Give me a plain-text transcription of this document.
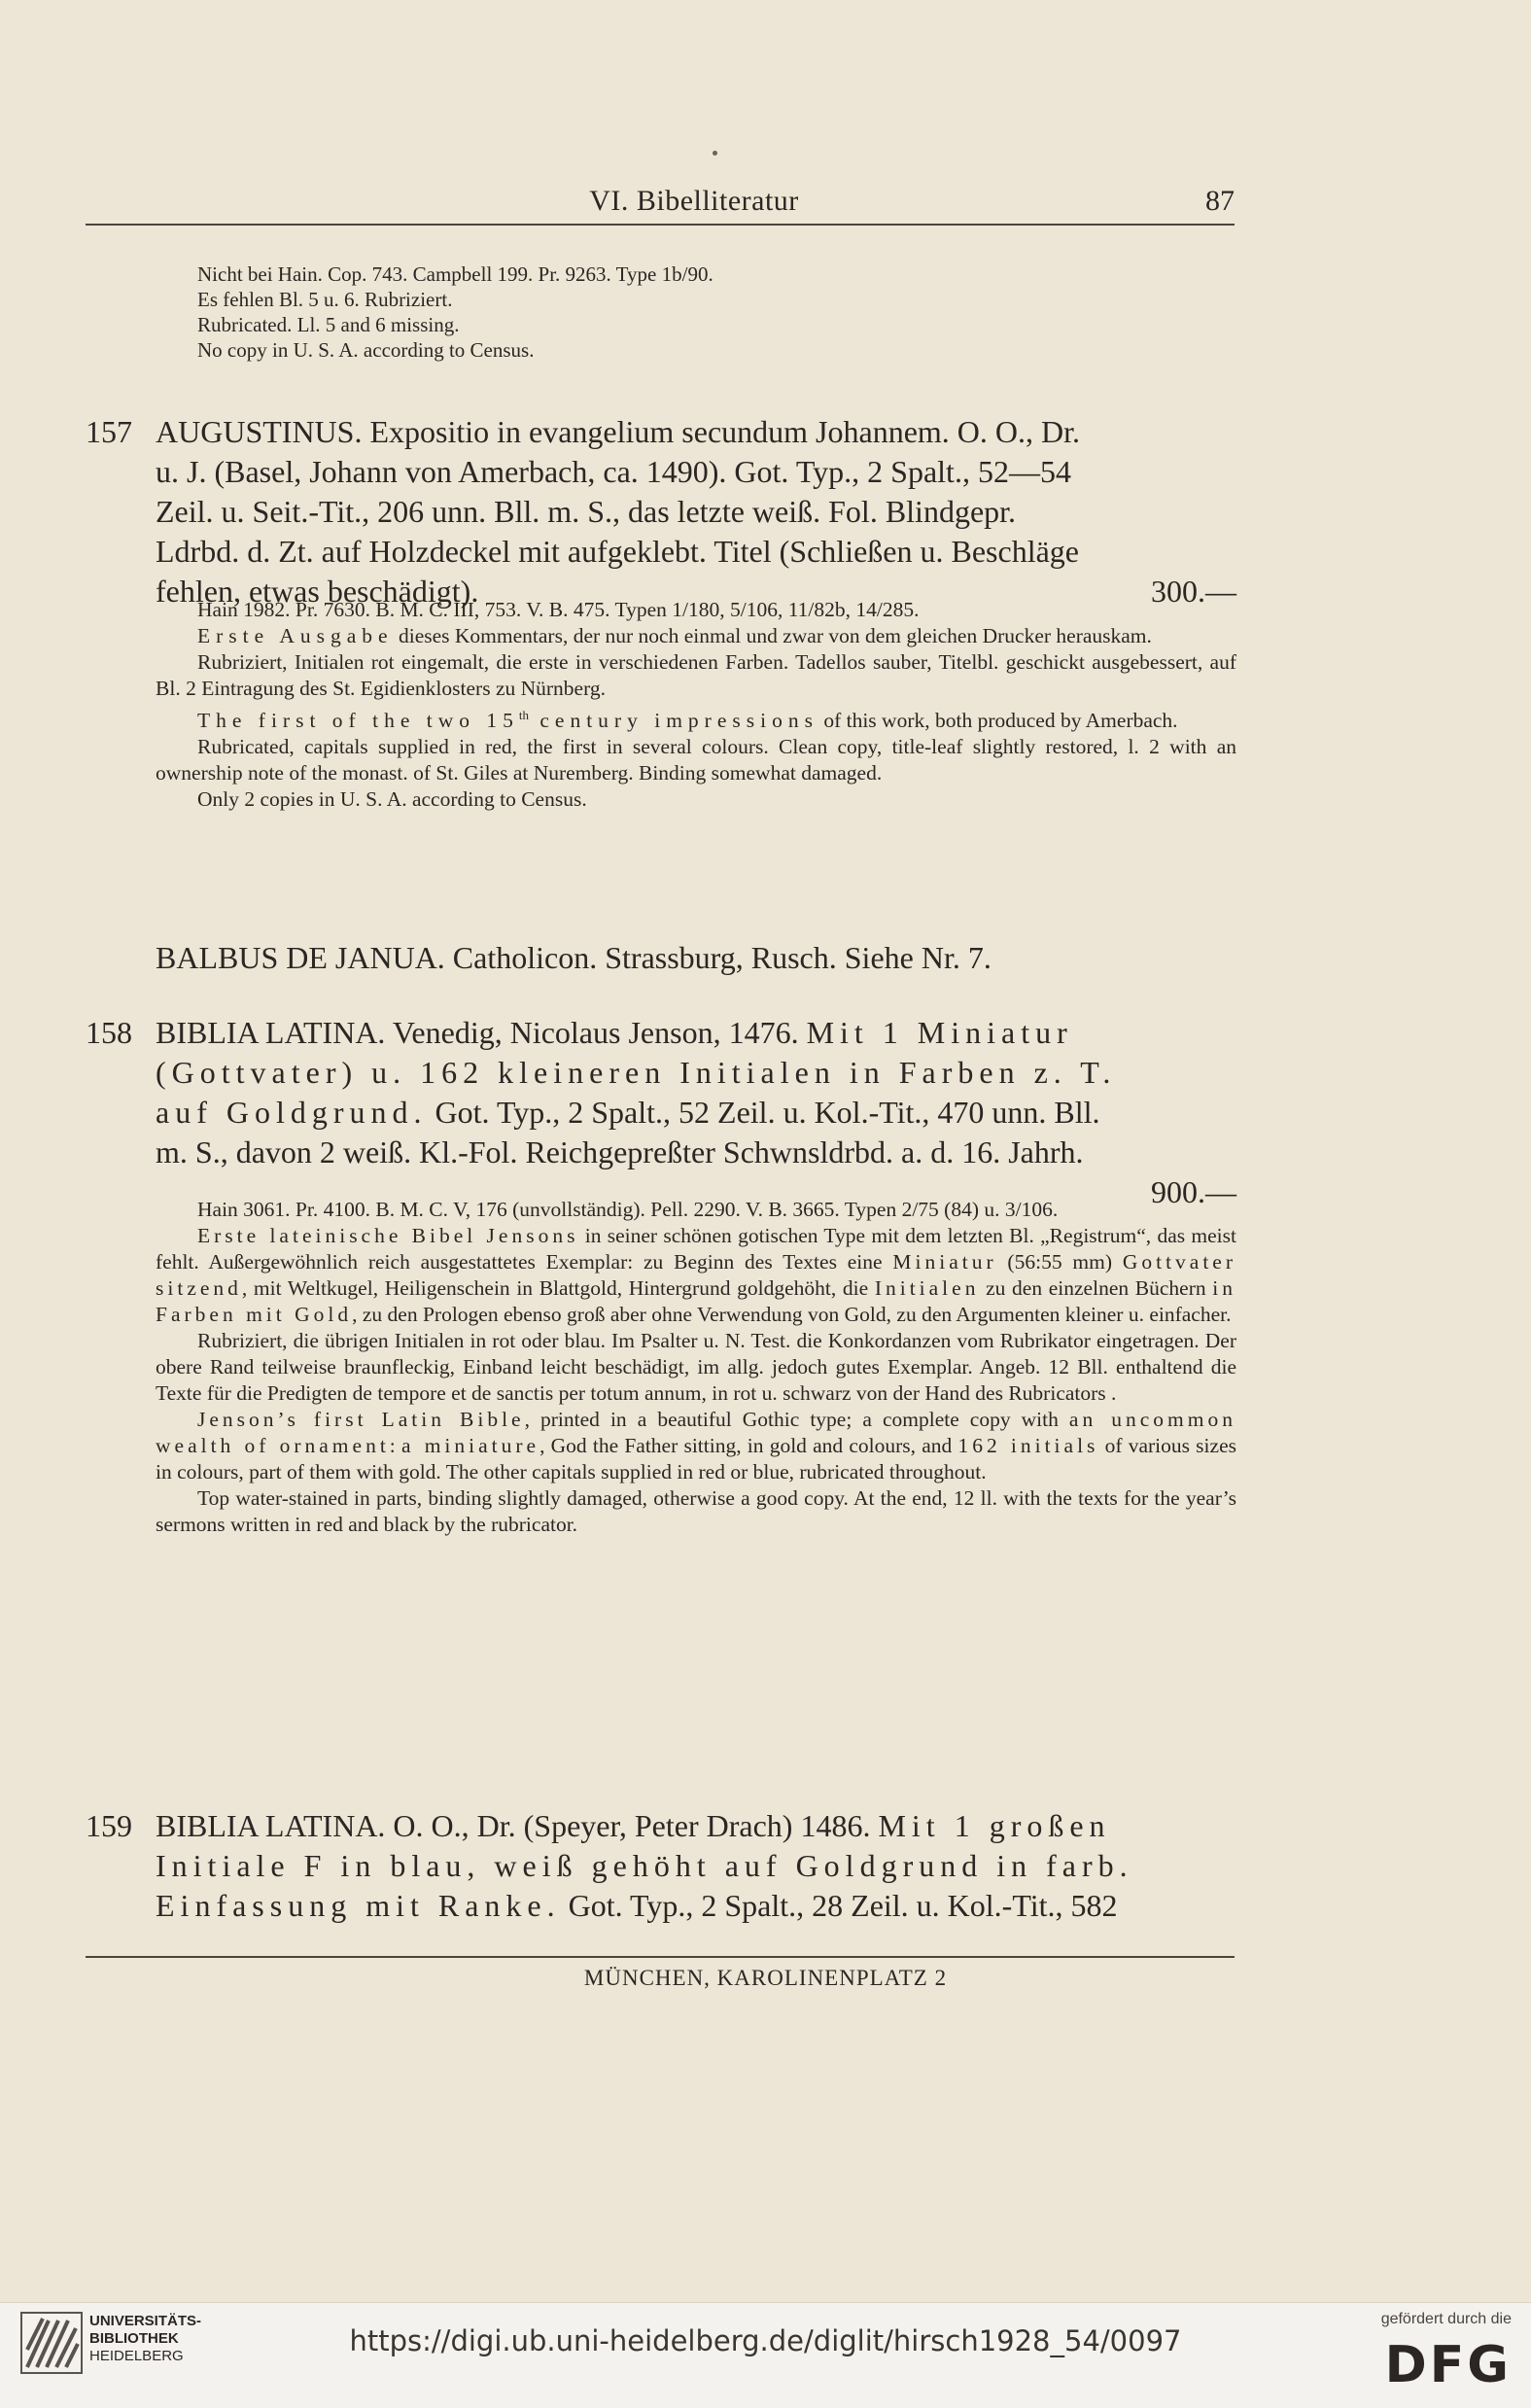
VI. Bibelliteratur	87
Nicht bei Hain. Cop. 743. Campbell 199. Pr. 9263. Type 1b/90.
Es fehlen Bl. 5 u. 6. Rubriziert.
Rubricated. Ll. 5 and 6 missing.
No copy in U. S. A. according to Census.
157 AUGUSTINUS. Expositio in evangelium secundum Johannem. O. O., Dr.
u. J. (Basel, Johann von Amerbach, ca. 1490). Got. Typ., 2 Spalt., 52—54
Zeil. u. Seit.-Tit., 206 unn. Bll. m. S., das letzte weiß. Fol. Blindgepr.
Ldrbd. d. Zt. auf Holzdeckel mit aufgeklebt. Titel (Schließen u. Beschläge
fehlen, etwas beschädigt).	300.—

Hain 1982. Pr. 7630. B. M. C. III, 753. V. B. 475. Typen 1/180, 5/106, 11/82b, 14/285.

Erste Ausgabe dieses Kommentars, der nur noch einmal und zwar von dem gleichen Drucker herauskam.

Rubriziert, Initialen rot eingemalt, die erste in verschiedenen Farben. Tadellos sauber, Titelbl. geschickt ausgebessert, auf Bl. 2 Eintragung des St. Egidienklosters zu Nürnberg.

The first of the two 15th century impressions of this work, both produced by Amerbach.

Rubricated, capitals supplied in red, the first in several colours. Clean copy, title-leaf slightly restored, l. 2 with an ownership note of the monast. of St. Giles at Nuremberg. Binding somewhat damaged.

Only 2 copies in U. S. A. according to Census.

BALBUS DE JANUA. Catholicon. Strassburg, Rusch. Siehe Nr. 7.
158 BIBLIA LATINA. Venedig, Nicolaus Jenson, 1476. Mit 1 Miniatur
(Gottvater) u. 162 kleineren Initialen in Farben z. T.
auf Goldgrund. Got. Typ., 2 Spalt., 52 Zeil. u. Kol.-Tit., 470 unn. Bll.
m. S., davon 2 weiß. Kl.-Fol. Reichgepreßter Schwnsldrbd. a. d. 16. Jahrh.
900.—

Hain 3061. Pr. 4100. B. M. C. V, 176 (unvollständig). Pell. 2290. V. B. 3665. Typen 2/75 (84) u. 3/106.

Erste lateinische Bibel Jensons in seiner schönen gotischen Type mit dem letzten Bl. „Registrum“, das meist fehlt. Außergewöhnlich reich ausgestattetes Exemplar: zu Beginn des Textes eine Miniatur (56:55 mm) Gottvater sitzend, mit Weltkugel, Heiligenschein in Blattgold, Hintergrund goldgehöht, die Initialen zu den einzelnen Büchern in Farben mit Gold, zu den Prologen ebenso groß aber ohne Verwendung von Gold, zu den Argumenten kleiner u. einfacher.

Rubriziert, die übrigen Initialen in rot oder blau. Im Psalter u. N. Test. die Konkordanzen vom Rubrikator eingetragen. Der obere Rand teilweise braunfleckig, Einband leicht beschädigt, im allg. jedoch gutes Exemplar. Angeb. 12 Bll. enthaltend die Texte für die Predigten de tempore et de sanctis per totum annum, in rot u. schwarz von der Hand des Rubricators .

Jenson’s first Latin Bible, printed in a beautiful Gothic type; a complete copy with an uncommon wealth of ornament: a miniature, God the Father sitting, in gold and colours, and 162 initials of various sizes in colours, part of them with gold. The other capitals supplied in red or blue, rubricated throughout.

Top water-stained in parts, binding slightly damaged, otherwise a good copy. At the end, 12 ll. with the texts for the year’s sermons written in red and black by the rubricator.

159 BIBLIA LATINA. O. O., Dr. (Speyer, Peter Drach) 1486. Mit 1 großen
Initiale F in blau, weiß gehöht auf Goldgrund in farb.
Einfassung mit Ranke. Got. Typ., 2 Spalt., 28 Zeil. u. Kol.-Tit., 582
MÜNCHEN, KAROLINENPLATZ 2
UNIVERSITÄTS-
BIBLIOTHEK
HEIDELBERG	https://digi.ub.uni-heidelberg.de/diglit/hirsch1928_54/0097
gefördert durch die
DFG
